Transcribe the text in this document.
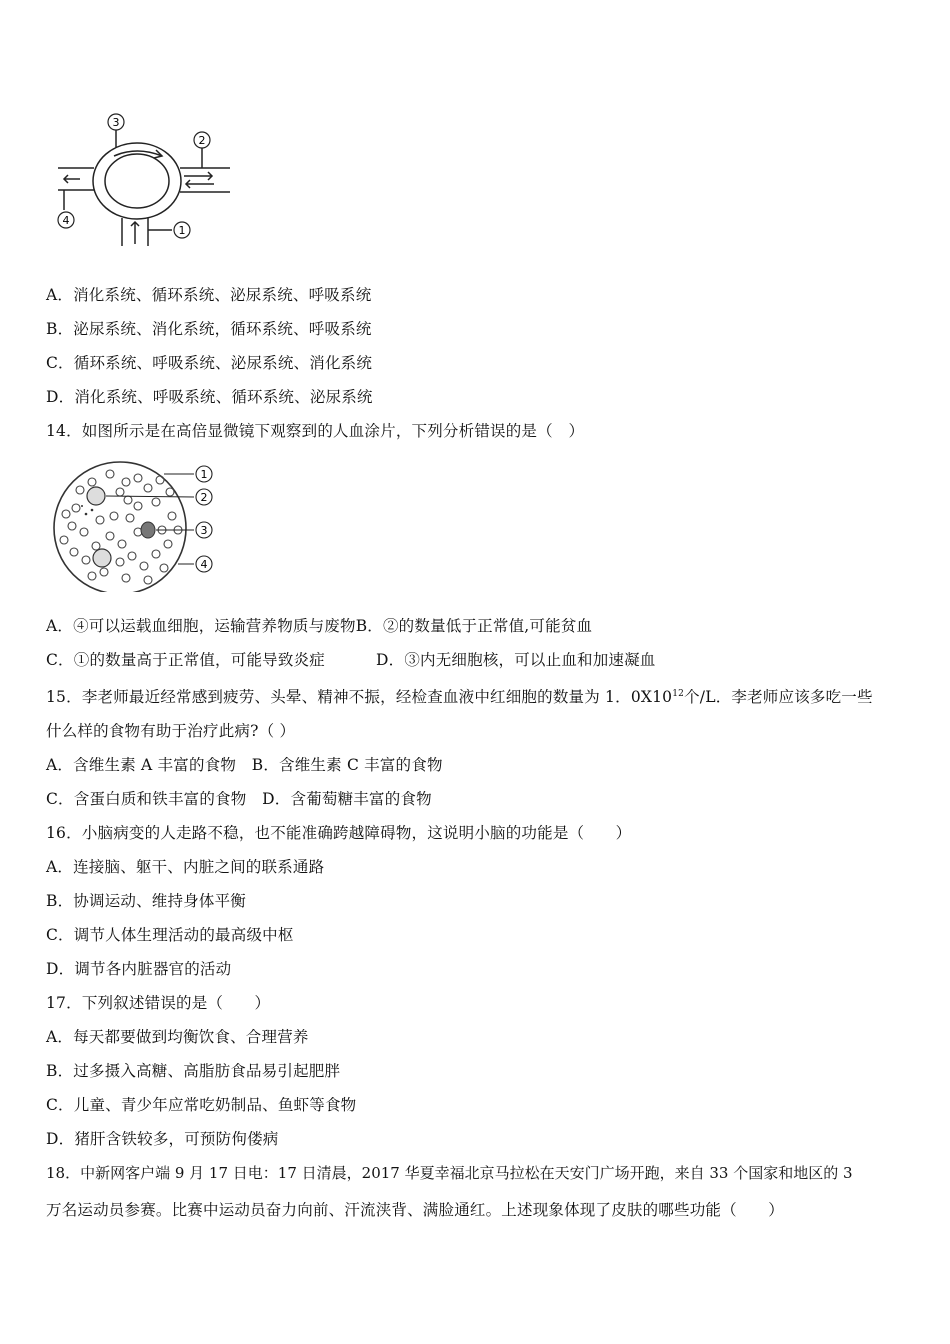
3
2
4
1
A．消化系统、循环系统、泌尿系统、呼吸系统
B．泌尿系统、消化系统，循环系统、呼吸系统
C．循环系统、呼吸系统、泌尿系统、消化系统
D．消化系统、呼吸系统、循环系统、泌尿系统
14．如图所示是在高倍显微镜下观察到的人血涂片，下列分析错误的是（　）
1
2
3
4
A．④可以运载血细胞，运输营养物质与废物B．②的数量低于正常值,可能贫血
C．①的数量高于正常值，可能导致炎症	D．③内无细胞核，可以止血和加速凝血
15．李老师最近经常感到疲劳、头晕、精神不振，经检查血液中红细胞的数量为 1．$0X10^{12}$个/L．李老师应该多吃一些
什么样的食物有助于治疗此病?（ ）
A．含维生素 A 丰富的食物　B．含维生素 C 丰富的食物
C．含蛋白质和铁丰富的食物　D．含葡萄糖丰富的食物
16．小脑病变的人走路不稳，也不能准确跨越障碍物，这说明小脑的功能是（　　）
A．连接脑、躯干、内脏之间的联系通路
B．协调运动、维持身体平衡
C．调节人体生理活动的最高级中枢
D．调节各内脏器官的活动
17．下列叙述错误的是（　　）
A．每天都要做到均衡饮食、合理营养
B．过多摄入高糖、高脂肪食品易引起肥胖
C．儿童、青少年应常吃奶制品、鱼虾等食物
D．猪肝含铁较多，可预防佝偻病
18．中新网客户端 9 月 17 日电：17 日清晨，2017 华夏幸福北京马拉松在天安门广场开跑，来自 33 个国家和地区的 3
万名运动员参赛。比赛中运动员奋力向前、汗流浃背、满脸通红。上述现象体现了皮肤的哪些功能（　　）
